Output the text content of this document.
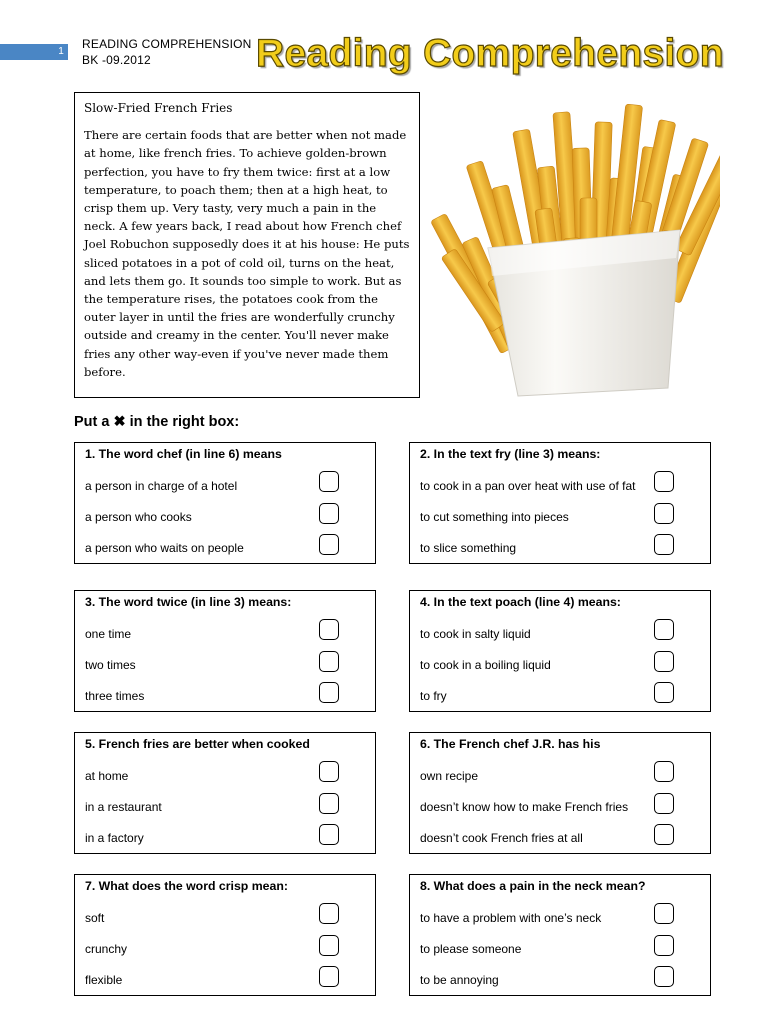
1
READING COMPREHENSION
BK -09.2012	Reading Comprehension

Slow-Fried French Fries

There are certain foods that are better when not made at home, like french fries. To achieve golden-brown perfection, you have to fry them twice: first at a low temperature, to poach them; then at a high heat, to crisp them up. Very tasty, very much a pain in the neck. A few years back, I read about how French chef Joel Robuchon supposedly does it at his house: He puts sliced potatoes in a pot of cold oil, turns on the heat, and lets them go. It sounds too simple to work. But as the temperature rises, the potatoes cook from the outer layer in until the fries are wonderfully crunchy outside and creamy in the center. You'll never make fries any other way-even if you've never made them before.

Put a ✖ in the right box:

1. The word chef (in line 6) means
a person in charge of a hotel
a person who cooks
a person who waits on people
2. In the text fry (line 3) means:
to cook in a pan over heat with use of fat
to cut something into pieces
to slice something
3. The word twice (in line 3) means:
one time
two times
three times
4. In the text poach (line 4) means:
to cook in salty liquid
to cook in a boiling liquid
to fry
5. French fries are better when cooked
at home
in a restaurant
in a factory
6. The French chef J.R. has his
own recipe
doesn’t know how to make French fries
doesn’t cook French fries at all
7. What does the word crisp mean:
soft
crunchy
flexible
8. What does a pain in the neck mean?
to have a problem with one’s neck
to please someone
to be annoying
